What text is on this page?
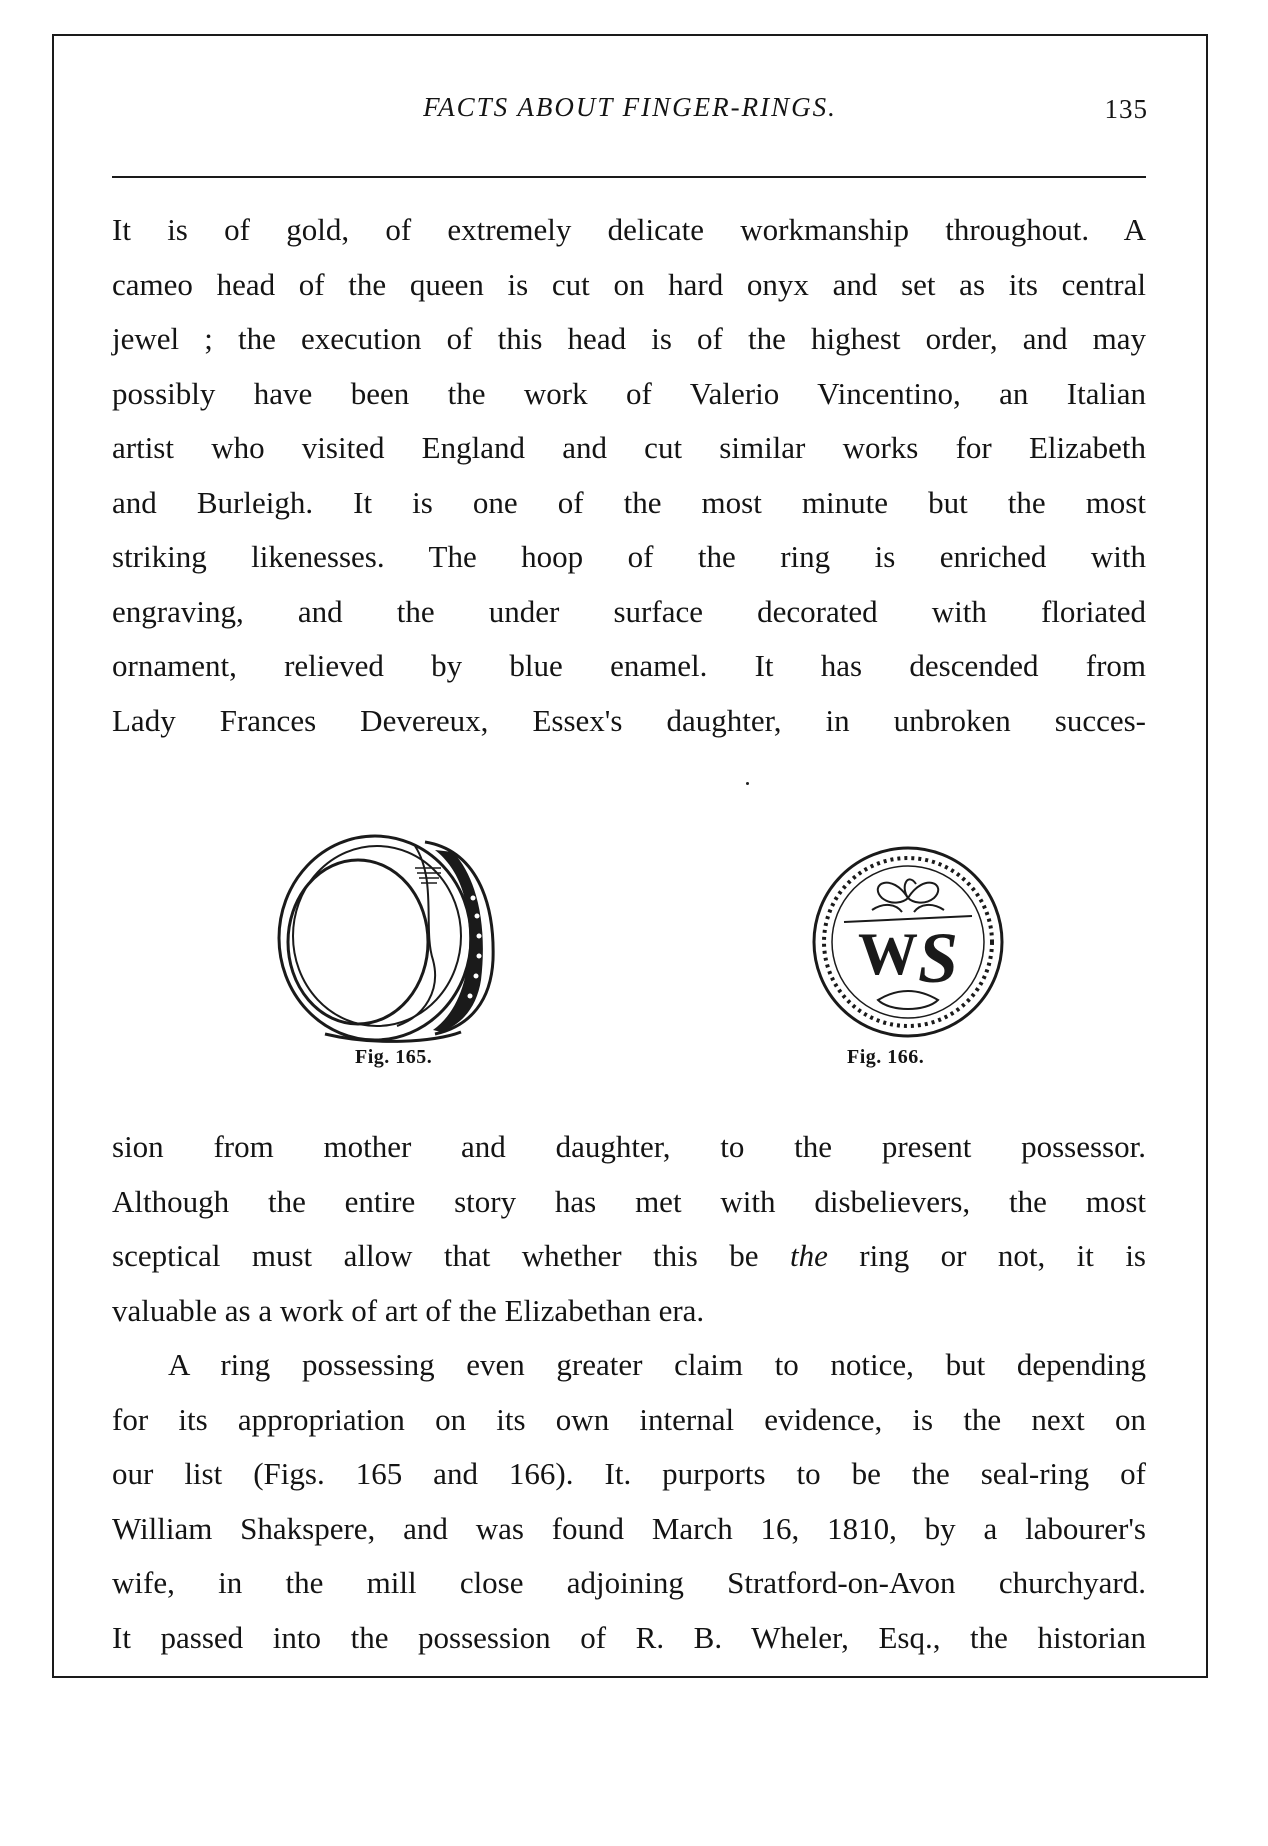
FACTS ABOUT FINGER-RINGS.	135
It is of gold, of extremely delicate workmanship throughout. A
cameo head of the queen is cut on hard onyx and set as its central
jewel ; the execution of this head is of the highest order, and may
possibly have been the work of Valerio Vincentino, an Italian
artist who visited England and cut similar works for Elizabeth
and Burleigh. It is one of the most minute but the most
striking likenesses. The hoop of the ring is enriched with
engraving, and the under surface decorated with floriated
ornament, relieved by blue enamel. It has descended from
Lady Frances Devereux, Essex's daughter, in unbroken succes-
W S
Fig. 165.	Fig. 166.
sion from mother and daughter, to the present possessor.
Although the entire story has met with disbelievers, the most
sceptical must allow that whether this be the ring or not, it is
valuable as a work of art of the Elizabethan era.
A ring possessing even greater claim to notice, but depending
for its appropriation on its own internal evidence, is the next on
our list (Figs. 165 and 166). It. purports to be the seal-ring of
William Shakspere, and was found March 16, 1810, by a labourer's
wife, in the mill close adjoining Stratford-on-Avon churchyard.
It passed into the possession of R. B. Wheler, Esq., the historian
